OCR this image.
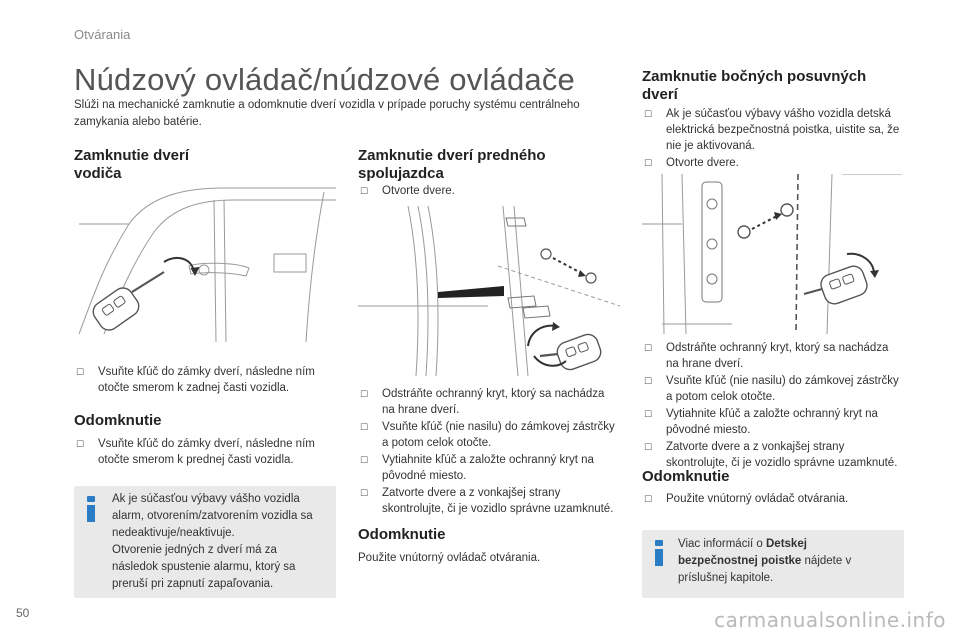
Otvárania
Núdzový ovládač/núdzové ovládače
Slúži na mechanické zamknutie a odomknutie dverí vozidla v prípade poruchy systému centrálneho zamykania alebo batérie.
Zamknutie dverí
vodiča
☐ Vsuňte kľúč do zámky dverí, následne ním otočte smerom k zadnej časti vozidla.
Odomknutie
☐ Vsuňte kľúč do zámky dverí, následne ním otočte smerom k prednej časti vozidla.
Ak je súčasťou výbavy vášho vozidla
alarm, otvorením/zatvorením vozidla sa
nedeaktivuje/neaktivuje.
Otvorenie jedných z dverí má za
následok spustenie alarmu, ktorý sa
preruší pri zapnutí zapaľovania.
Zamknutie dverí predného
spolujazdca
☐ Otvorte dvere.
☐ Odstráňte ochranný kryt, ktorý sa nachádza na hrane dverí.
☐ Vsuňte kľúč (nie nasilu) do zámkovej zástrčky a potom celok otočte.
☐ Vytiahnite kľúč a založte ochranný kryt na pôvodné miesto.
☐ Zatvorte dvere a z vonkajšej strany skontrolujte, či je vozidlo správne uzamknuté.
Odomknutie

Použite vnútorný ovládač otvárania.

Zamknutie bočných posuvných
dverí
☐ Ak je súčasťou výbavy vášho vozidla detská elektrická bezpečnostná poistka, uistite sa, že nie je aktivovaná.
☐ Otvorte dvere.
☐ Odstráňte ochranný kryt, ktorý sa nachádza na hrane dverí.
☐ Vsuňte kľúč (nie nasilu) do zámkovej zástrčky a potom celok otočte.
☐ Vytiahnite kľúč a založte ochranný kryt na pôvodné miesto.
☐ Zatvorte dvere a z vonkajšej strany skontrolujte, či je vozidlo správne uzamknuté.
Odomknutie
☐ Použite vnútorný ovládač otvárania.
Viac informácií o Detskej
bezpečnostnej poistke nájdete v
príslušnej kapitole.
50	carmanualsonline.info
